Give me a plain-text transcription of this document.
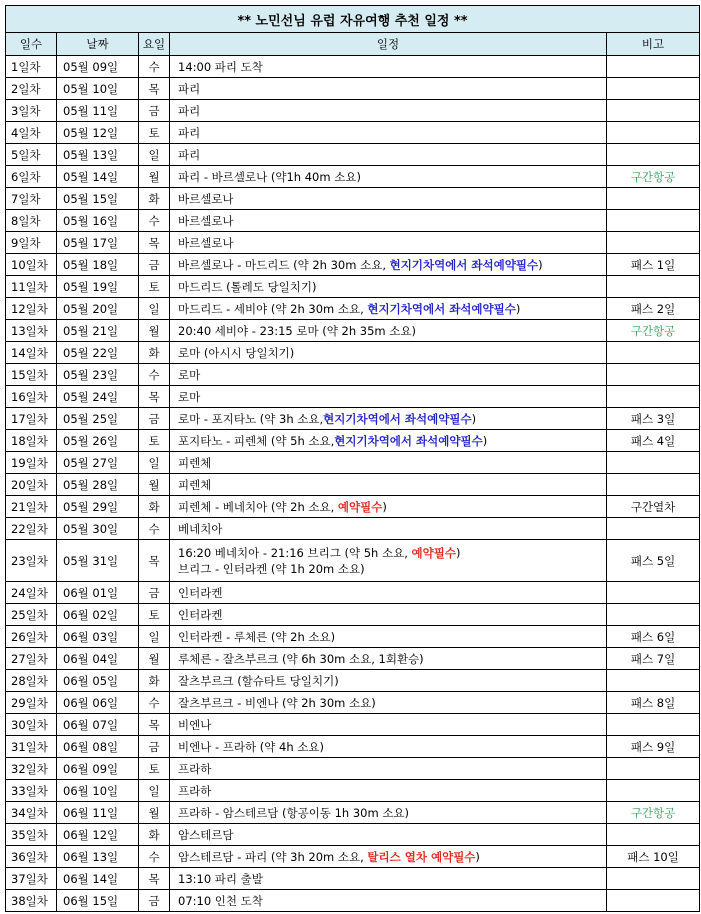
** 노민선님 유럽 자유여행 추천 일정 **				
일수	날짜	요일	일정	비고
1일차	05월 09일	수	14:00 파리 도착	
2일차	05월 10일	목	파리	
3일차	05월 11일	금	파리	
4일차	05월 12일	토	파리	
5일차	05월 13일	일	파리	
6일차	05월 14일	월	파리 - 바르셀로나 (약1h 40m 소요)	구간항공
7일차	05월 15일	화	바르셀로나	
8일차	05월 16일	수	바르셀로나	
9일차	05월 17일	목	바르셀로나	
10일차	05월 18일	금	바르셀로나 - 마드리드 (약 2h 30m 소요, 현지기차역에서 좌석예약필수)	패스 1일
11일차	05월 19일	토	마드리드 (톨레도 당일치기)	
12일차	05월 20일	일	마드리드 - 세비야 (약 2h 30m 소요, 현지기차역에서 좌석예약필수)	패스 2일
13일차	05월 21일	월	20:40 세비야 - 23:15 로마 (약 2h 35m 소요)	구간항공
14일차	05월 22일	화	로마 (아시시 당일치기)	
15일차	05월 23일	수	로마	
16일차	05월 24일	목	로마	
17일차	05월 25일	금	로마 - 포지타노 (약 3h 소요,현지기차역에서 좌석예약필수)	패스 3일
18일차	05월 26일	토	포지타노 - 피렌체 (약 5h 소요,현지기차역에서 좌석예약필수)	패스 4일
19일차	05월 27일	일	피렌체	
20일차	05월 28일	월	피렌체	
21일차	05월 29일	화	피렌체 - 베네치아 (약 2h 소요, 예약필수)	구간열차
22일차	05월 30일	수	베네치아	
23일차	05월 31일	목	16:20 베네치아 - 21:16 브리그 (약 5h 소요, 예약필수)
브리그 - 인터라켄 (약 1h 20m 소요)	패스 5일
24일차	06월 01일	금	인터라켄	
25일차	06월 02일	토	인터라켄	
26일차	06월 03일	일	인터라켄 - 루체른 (약 2h 소요)	패스 6일
27일차	06월 04일	월	루체른 - 잘츠부르크 (약 6h 30m 소요, 1회환승)	패스 7일
28일차	06월 05일	화	잘츠부르크 (할슈타트 당일치기)	
29일차	06월 06일	수	잘츠부르크 - 비엔나 (약 2h 30m 소요)	패스 8일
30일차	06월 07일	목	비엔나	
31일차	06월 08일	금	비엔나 - 프라하 (약 4h 소요)	패스 9일
32일차	06월 09일	토	프라하	
33일차	06월 10일	일	프라하	
34일차	06월 11일	월	프라하 - 암스테르담 (항공이동 1h 30m 소요)	구간항공
35일차	06월 12일	화	암스테르담	
36일차	06월 13일	수	암스테르담 - 파리 (약 3h 20m 소요, 탈리스 열차 예약필수)	패스 10일
37일차	06월 14일	목	13:10 파리 출발	
38일차	06월 15일	금	07:10 인천 도착	
